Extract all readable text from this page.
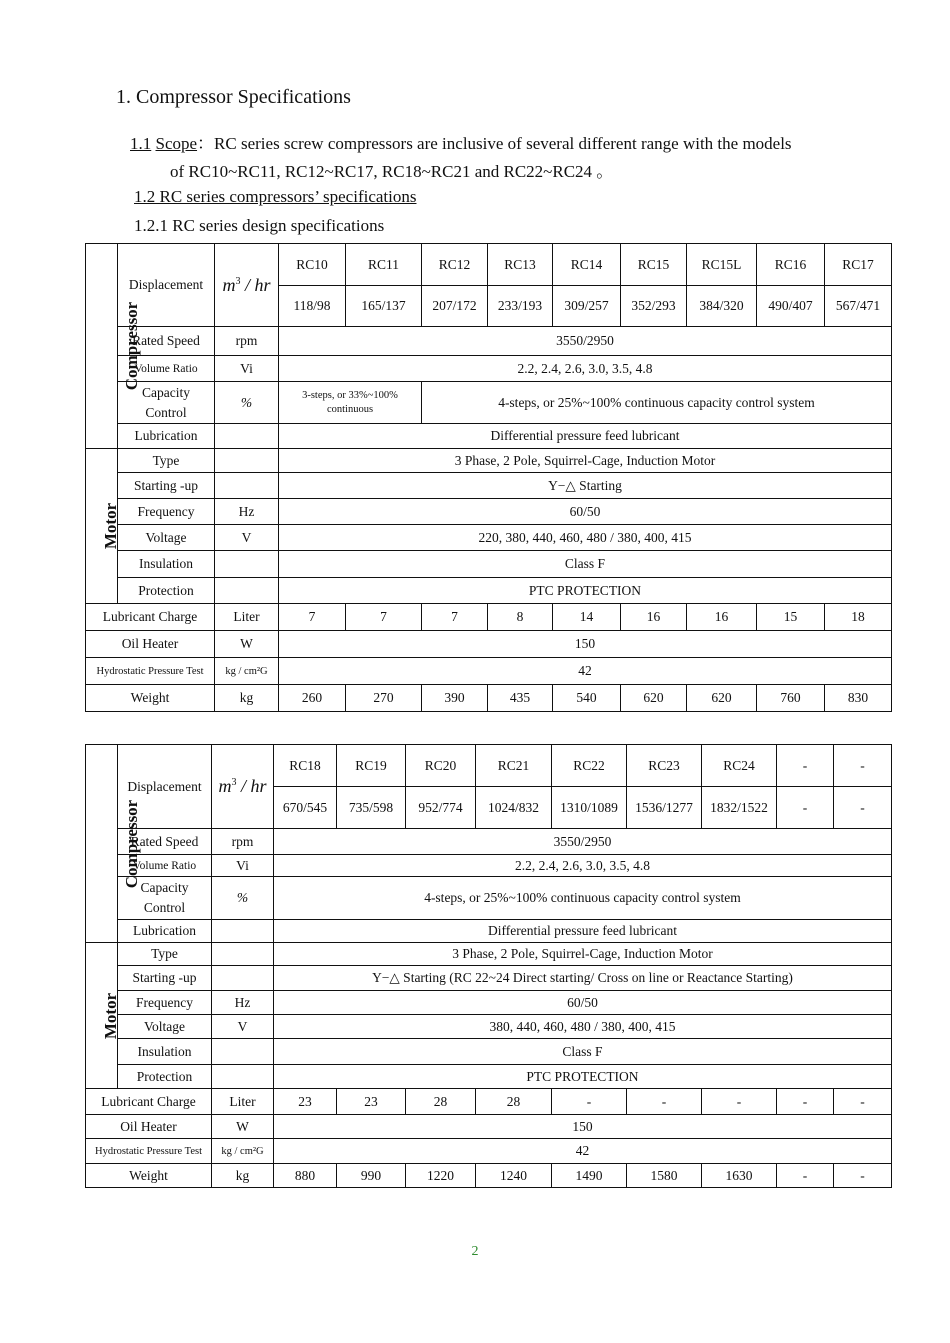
1. Compressor Specifications
1.1 Scope：RC series screw compressors are inclusive of several different range with the models
of RC10~RC11, RC12~RC17, RC18~RC21 and RC22~RC24 。
1.2 RC series compressors’ specifications
1.2.1 RC series design specifications
Compressor	Displacement	$m^3$ / hr	RC10	RC11	RC12	RC13	RC14	RC15	RC15L	RC16	RC17
			118/98	165/137	207/172	233/193	309/257	352/293	384/320	490/407	567/471
	Rated Speed	rpm	3550/2950								
	Volume Ratio	Vi	2.2, 2.4, 2.6, 3.0, 3.5, 4.8								
	Capacity Control	%	3-steps, or 33%~100% continuous		4-steps, or 25%~100% continuous capacity control system						
	Lubrication		Differential pressure feed lubricant								

Motor	Type		3 Phase, 2 Pole, Squirrel-Cage, Induction Motor								
	Starting -up		Y−△ Starting								
	Frequency	Hz	60/50								
	Voltage	V	220, 380, 440, 460, 480 / 380, 400, 415								
	Insulation		Class F								
	Protection		PTC PROTECTION								
Lubricant Charge		Liter	7	7	7	8	14	16	16	15	18
Oil Heater		W	150								
Hydrostatic Pressure Test		kg / cm²G	42								
Weight		kg	260	270	390	435	540	620	620	760	830
Compressor	Displacement	$m^3$ / hr	RC18	RC19	RC20	RC21	RC22	RC23	RC24	-	-
			670/545	735/598	952/774	1024/832	1310/1089	1536/1277	1832/1522	-	-
	Rated Speed	rpm	3550/2950								
	Volume Ratio	Vi	2.2, 2.4, 2.6, 3.0, 3.5, 4.8								
	Capacity Control	%	4-steps, or 25%~100% continuous capacity control system								
	Lubrication		Differential pressure feed lubricant								
Motor	Type		3 Phase, 2 Pole, Squirrel-Cage, Induction Motor								
	Starting -up		Y−△ Starting (RC 22~24 Direct starting/ Cross on line or Reactance Starting)								
	Frequency	Hz	60/50								
	Voltage	V	380, 440, 460, 480 / 380, 400, 415								
	Insulation		Class F								
	Protection		PTC PROTECTION								
Lubricant Charge		Liter	23	23	28	28	-	-	-	-	-
Oil Heater		W	150								
Hydrostatic Pressure Test		kg / cm²G	42								
Weight		kg	880	990	1220	1240	1490	1580	1630	-	-
2
